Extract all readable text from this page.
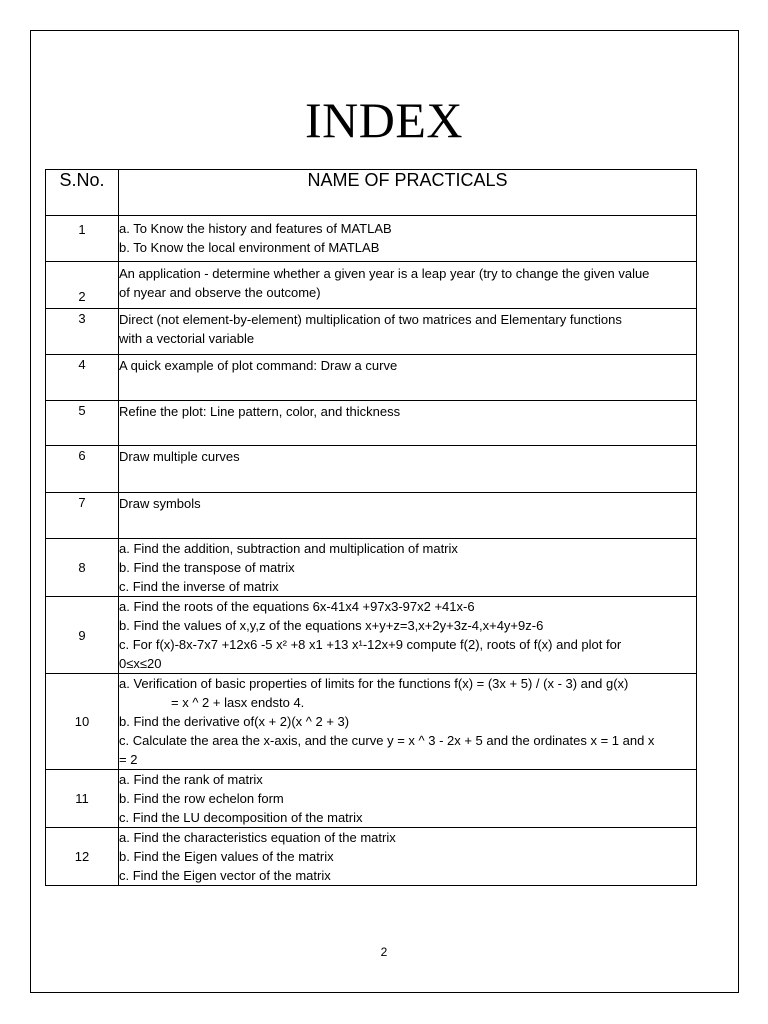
INDEX
S.No.	NAME OF PRACTICALS
1	a. To Know the history and features of MATLAB
b. To Know the local environment of MATLAB

2	An application - determine whether a given year is a leap year (try to change the given value
of nyear and observe the outcome)

3	Direct (not element-by-element) multiplication of two matrices and Elementary functions
with a vectorial variable

4	A quick example of plot command: Draw a curve

5	Refine the plot: Line pattern, color, and thickness

6	Draw multiple curves

7	Draw symbols

8	a. Find the addition, subtraction and multiplication of matrix
b. Find the transpose of matrix
c. Find the inverse of matrix

9	a. Find the roots of the equations 6x-41x4 +97x3-97x2 +41x-6
b. Find the values of x,y,z of the equations x+y+z=3,x+2y+3z-4,x+4y+9z-6
c. For f(x)-8x-7x7 +12x6 -5 x² +8 x1 +13 x¹-12x+9 compute f(2), roots of f(x) and plot for
0≤x≤20

10	a. Verification of basic properties of limits for the functions f(x) = (3x + 5) / (x - 3) and g(x)
= x ^ 2 + lasx endsto 4.
b. Find the derivative of(x + 2)(x ^ 2 + 3)
c. Calculate the area the x-axis, and the curve y = x ^ 3 - 2x + 5 and the ordinates x = 1 and x
= 2

11	a. Find the rank of matrix
b. Find the row echelon form
c. Find the LU decomposition of the matrix

12	a. Find the characteristics equation of the matrix
b. Find the Eigen values of the matrix
c. Find the Eigen vector of the matrix
2
